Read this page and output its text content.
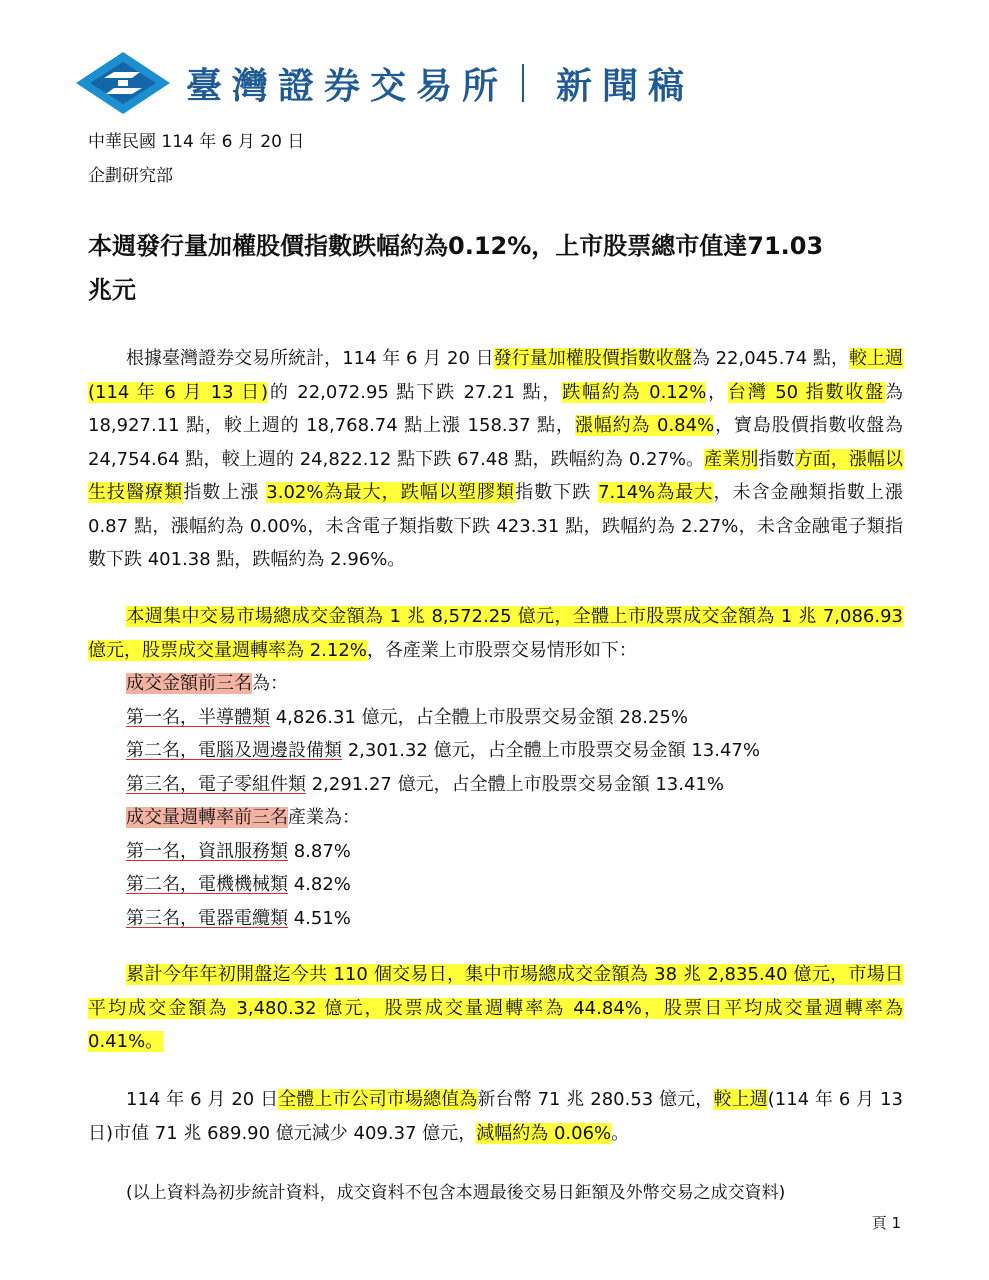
臺灣證券交易所 新聞稿
中華民國 114 年 6 月 20 日
企劃研究部
本週發行量加權股價指數跌幅約為0.12%，上市股票總市值達71.03
兆元
根據臺灣證券交易所統計，114 年 6 月 20 日發行量加權股價指數收盤為 22,045.74 點，較上週(114 年 6 月 13 日)的 22,072.95 點下跌 27.21 點，跌幅約為 0.12%，台灣 50 指數收盤為 18,927.11 點，較上週的 18,768.74 點上漲 158.37 點，漲幅約為 0.84%，寶島股價指數收盤為 24,754.64 點，較上週的 24,822.12 點下跌 67.48 點，跌幅約為 0.27%。產業別指數方面，漲幅以生技醫療類指數上漲 3.02%為最大，跌幅以塑膠類指數下跌 7.14%為最大，未含金融類指數上漲 0.87 點，漲幅約為 0.00%，未含電子類指數下跌 423.31 點，跌幅約為 2.27%，未含金融電子類指數下跌 401.38 點，跌幅約為 2.96%。
本週集中交易市場總成交金額為 1 兆 8,572.25 億元，全體上市股票成交金額為 1 兆 7,086.93 億元，股票成交量週轉率為 2.12%，各產業上市股票交易情形如下：
成交金額前三名為：
第一名，半導體類 4,826.31 億元，占全體上市股票交易金額 28.25%
第二名，電腦及週邊設備類 2,301.32 億元，占全體上市股票交易金額 13.47%
第三名，電子零組件類 2,291.27 億元，占全體上市股票交易金額 13.41%
成交量週轉率前三名產業為：
第一名，資訊服務類 8.87%
第二名，電機機械類 4.82%
第三名，電器電纜類 4.51%
累計今年年初開盤迄今共 110 個交易日，集中市場總成交金額為 38 兆 2,835.40 億元，市場日平均成交金額為 3,480.32 億元，股票成交量週轉率為 44.84%，股票日平均成交量週轉率為 0.41%。
114 年 6 月 20 日全體上市公司市場總值為新台幣 71 兆 280.53 億元，較上週(114 年 6 月 13 日)市值 71 兆 689.90 億元減少 409.37 億元，減幅約為 0.06%。
(以上資料為初步統計資料，成交資料不包含本週最後交易日鉅額及外幣交易之成交資料)
頁 1
